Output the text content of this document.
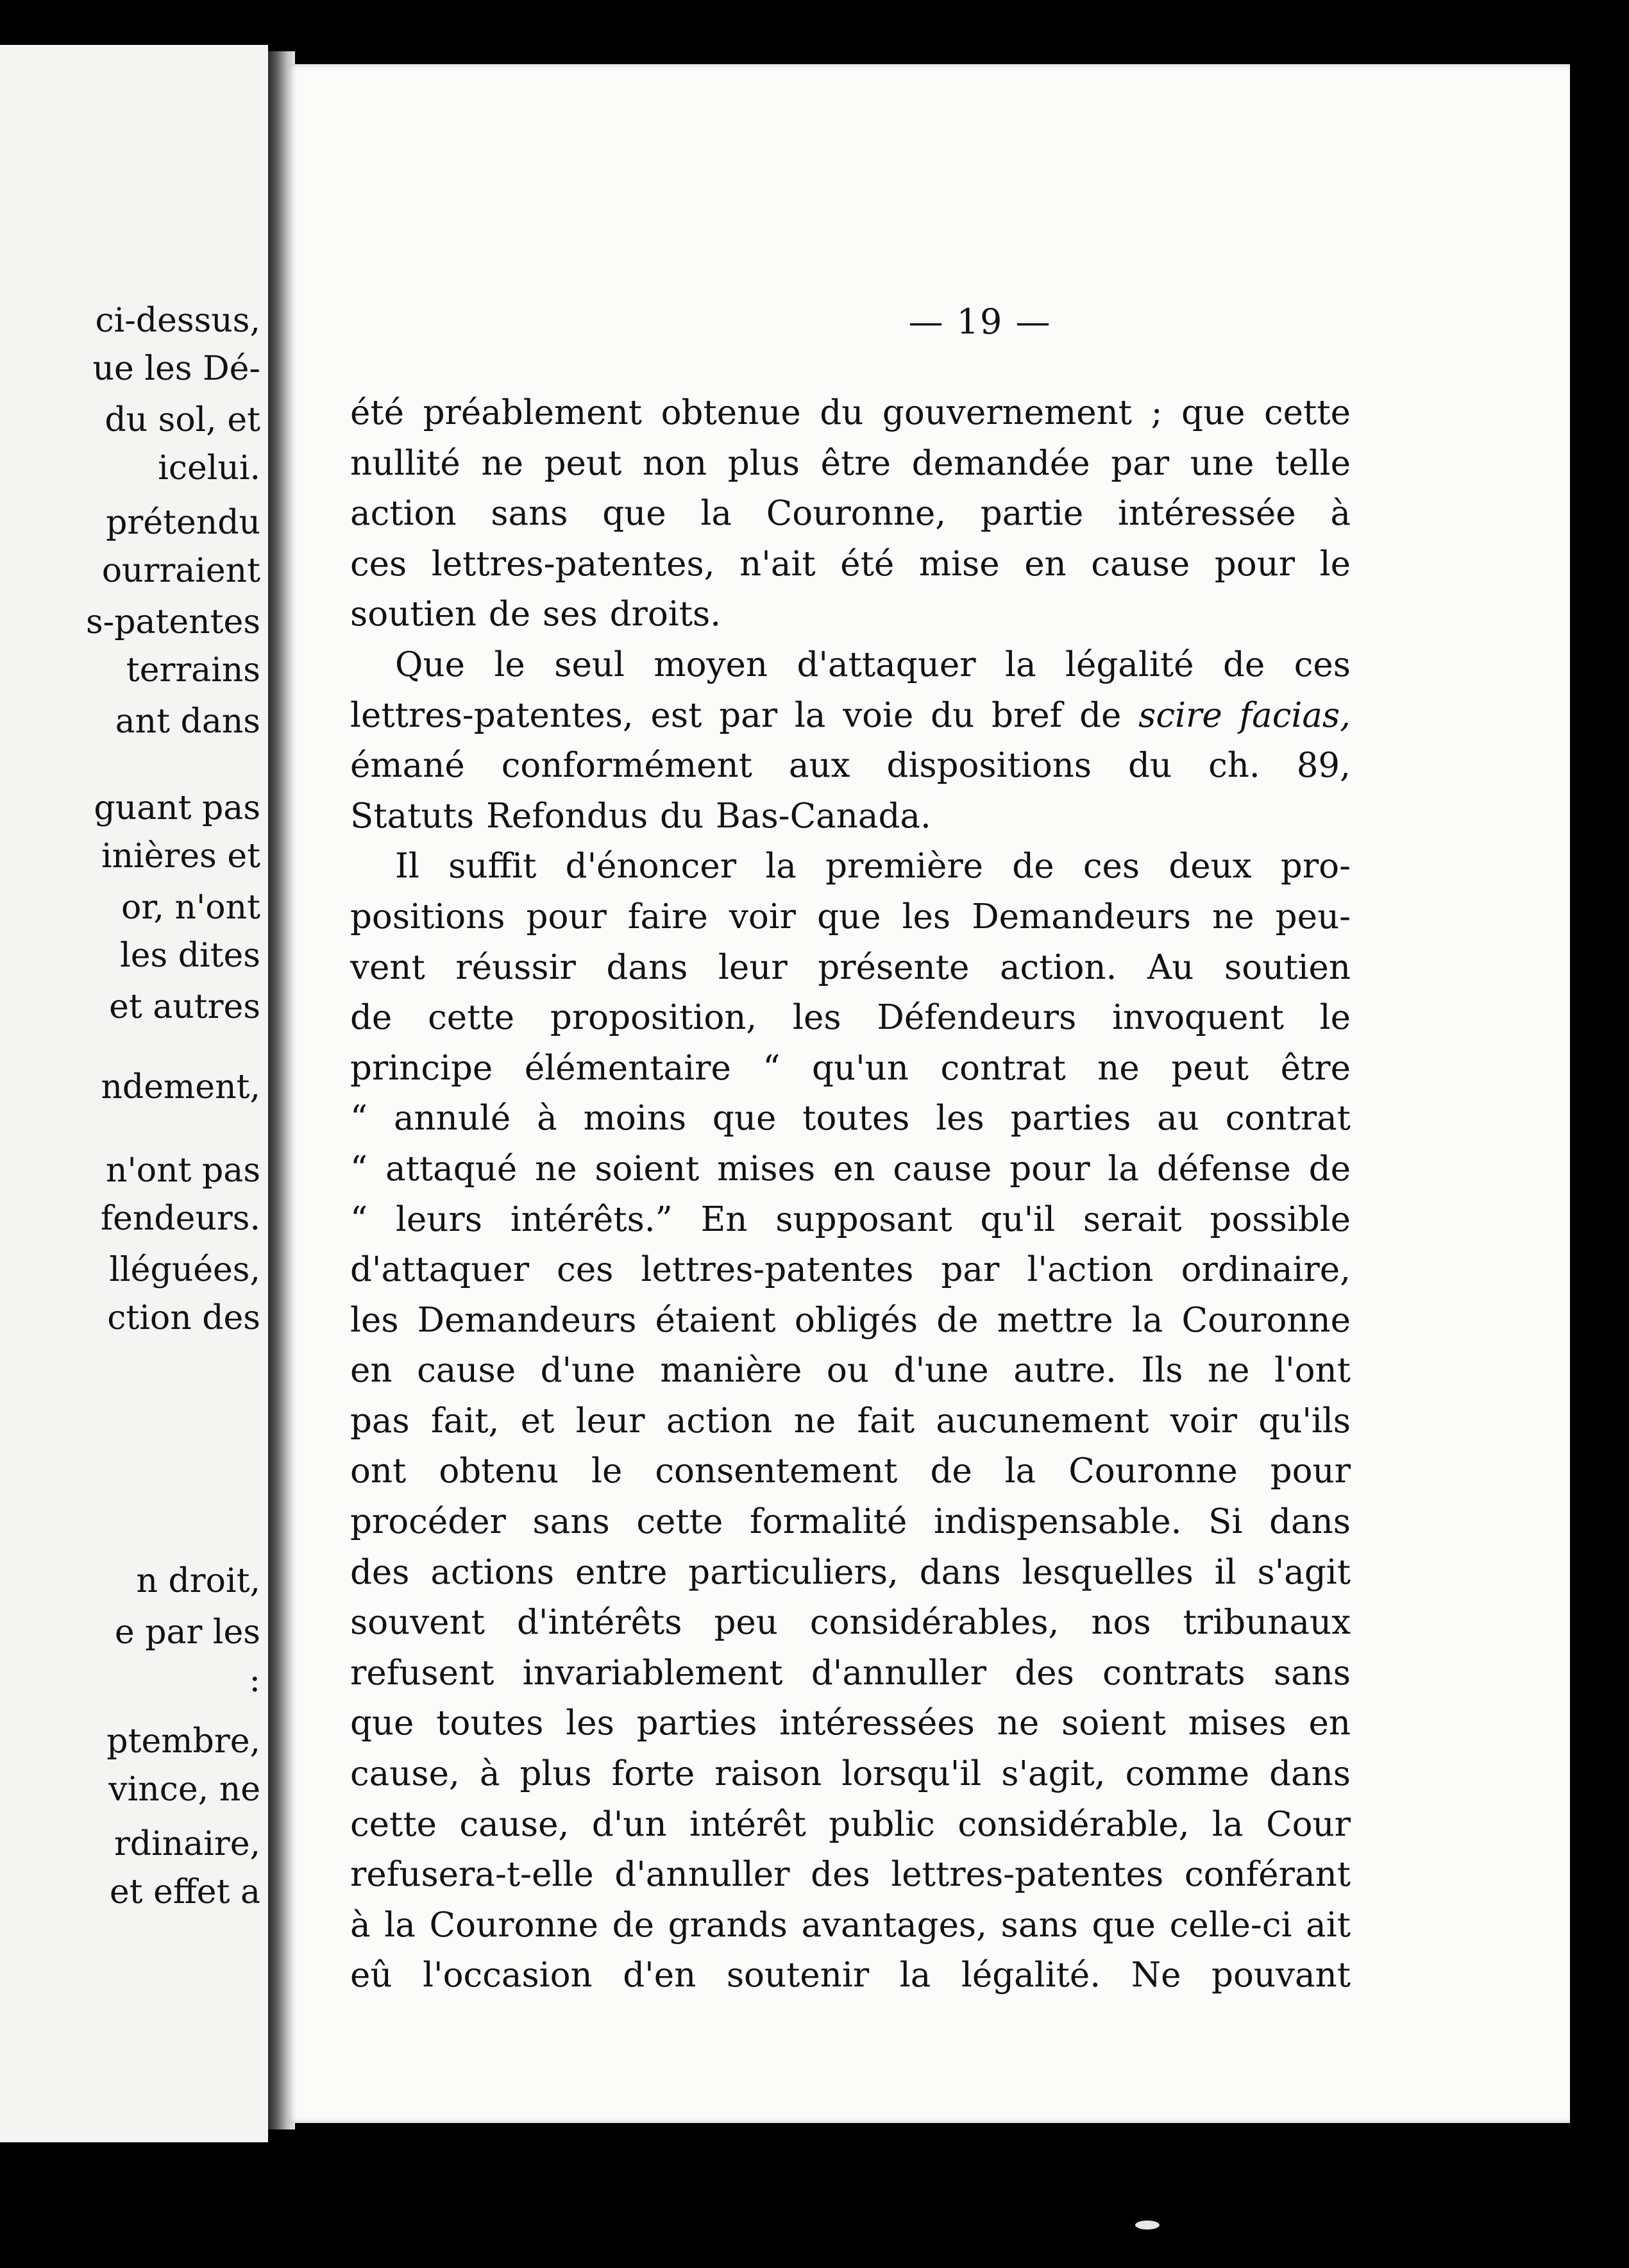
ci-dessus,
ue les Dé-
du sol, et
icelui.
prétendu
ourraient
s-patentes
terrains
ant dans
guant pas
inières et
or, n'ont
les dites
et autres
ndement,
n'ont pas
fendeurs.
lléguées,
ction des
n droit,
e par les
:
ptembre,
vince, ne
rdinaire,
et effet a
— 19 —
été préablement obtenue du gouvernement ; que cette
nullité ne peut non plus être demandée par une telle
action sans que la Couronne, partie intéressée à
ces lettres-patentes, n'ait été mise en cause pour le
soutien de ses droits.
Que le seul moyen d'attaquer la légalité de ces
lettres-patentes, est par la voie du bref de scire facias,
émané conformément aux dispositions du ch. 89,
Statuts Refondus du Bas-Canada.
Il suffit d'énoncer la première de ces deux pro-
positions pour faire voir que les Demandeurs ne peu-
vent réussir dans leur présente action. Au soutien
de cette proposition, les Défendeurs invoquent le
principe élémentaire “ qu'un contrat ne peut être
“ annulé à moins que toutes les parties au contrat
“ attaqué ne soient mises en cause pour la défense de
“ leurs intérêts.” En supposant qu'il serait possible
d'attaquer ces lettres-patentes par l'action ordinaire,
les Demandeurs étaient obligés de mettre la Couronne
en cause d'une manière ou d'une autre. Ils ne l'ont
pas fait, et leur action ne fait aucunement voir qu'ils
ont obtenu le consentement de la Couronne pour
procéder sans cette formalité indispensable. Si dans
des actions entre particuliers, dans lesquelles il s'agit
souvent d'intérêts peu considérables, nos tribunaux
refusent invariablement d'annuller des contrats sans
que toutes les parties intéressées ne soient mises en
cause, à plus forte raison lorsqu'il s'agit, comme dans
cette cause, d'un intérêt public considérable, la Cour
refusera-t-elle d'annuller des lettres-patentes conférant
à la Couronne de grands avantages, sans que celle-ci ait
eû l'occasion d'en soutenir la légalité. Ne pouvant
